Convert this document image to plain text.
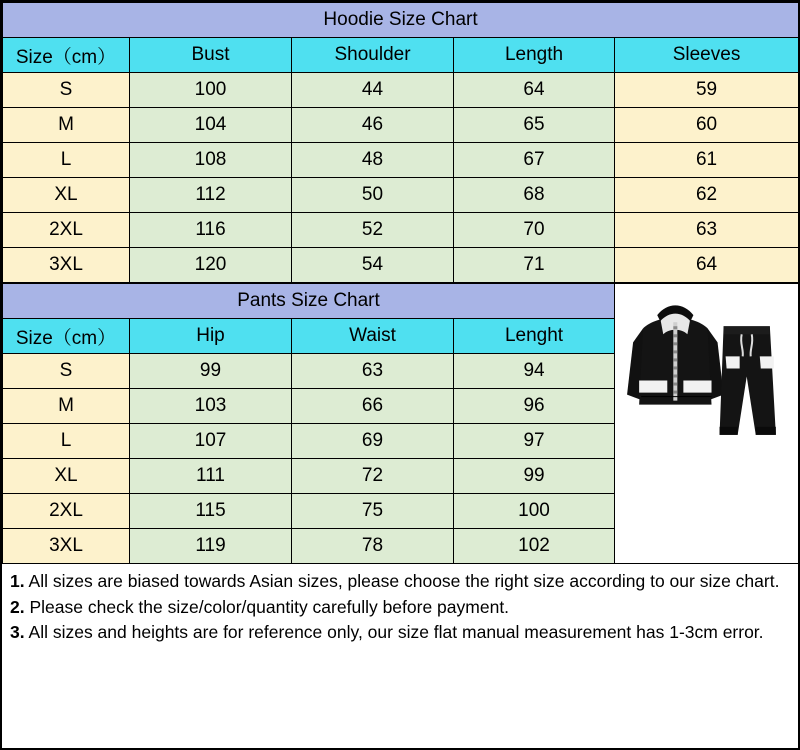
Hoodie Size Chart				
Size（cm）	Bust	Shoulder	Length	Sleeves
S	100	44	64	59
M	104	46	65	60
L	108	48	67	61
XL	112	50	68	62
2XL	116	52	70	63
3XL	120	54	71	64
Pants Size Chart			
Size（cm）	Hip	Waist	Lenght
S	99	63	94
M	103	66	96
L	107	69	97
XL	111	72	99
2XL	115	75	100
3XL	119	78	102

1. All sizes are biased towards Asian sizes, please choose the right size according to our size chart.

2. Please check the size/color/quantity carefully before payment.

3. All sizes and heights are for reference only, our size flat manual measurement has 1-3cm error.
